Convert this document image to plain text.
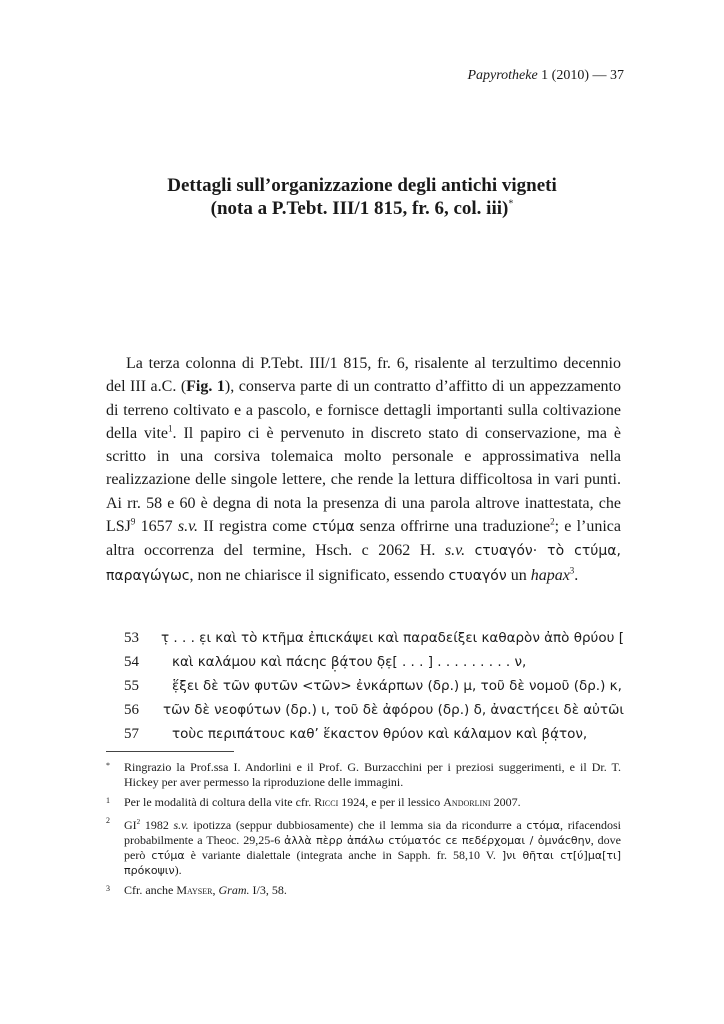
Papyrotheke 1 (2010) — 37
Dettagli sull’organizzazione degli antichi vigneti
(nota a P.Tebt. III/1 815, fr. 6, col. iii)*

La terza colonna di P.Tebt. III/1 815, fr. 6, risalente al terzultimo decennio del III a.C. (Fig. 1), conserva parte di un contratto d’affitto di un appezzamento di terreno coltivato e a pascolo, e fornisce dettagli importanti sulla coltivazione della vite$^1$. Il papiro ci è pervenuto in discreto stato di conservazione, ma è scritto in una corsiva tolemaica molto personale e approssimativa nella realizzazione delle singole lettere, che rende la lettura difficoltosa in vari punti. Ai rr. 58 e 60 è degna di nota la presenza di una parola altrove inattestata, che LSJ$^9$ 1657 s.v. II registra come ϲτύμα senza offrirne una traduzione$^2$; e l’unica altra occorrenza del termine, Hsch. c 2062 H. s.v. ϲτυαγόν· τὸ ϲτύμα, παραγώγωϲ, non ne chiarisce il significato, essendo ϲτυαγόν un hapax$^3$.

53	τ̣ . . . ε̣ι καὶ τὸ κτῆμα ἐπιϲκάψει καὶ παραδείξει καθαρὸν ἀπὸ θρύου [
54	καὶ καλάμου καὶ πάϲηϲ β̣ά̣του δ̣ε̣[ . . . ] . . . . . . . . . ν,
55	ἕ̣ξει δὲ τῶν φυτῶν <τῶν> ἐνκάρπων (δρ.) μ, τοῦ δὲ νομοῦ (δρ.) κ,
56	τῶν δὲ νεοφύτων (δρ.) ι, τοῦ δὲ ἀφόρου (δρ.) δ, ἀναϲτήϲει δὲ αὐτῶι
57	τοὺϲ περιπάτουϲ καθ’ ἕκαϲτον θρύον καὶ κάλαμον καὶ β̣ά̣τον,
*	Ringrazio la Prof.ssa I. Andorlini e il Prof. G. Burzacchini per i preziosi suggerimenti, e il Dr. T. Hickey per aver permesso la riproduzione delle immagini.
1	Per le modalità di coltura della vite cfr. Ricci 1924, e per il lessico Andorlini 2007.
2	$GI^2$ 1982 s.v. ipotizza (seppur dubbiosamente) che il lemma sia da ricondurre a ϲτόμα, rifacendosi probabilmente a Theoc. 29,25-6 ἀλλὰ πὲρρ ἀπάλω ϲτύματόϲ ϲε πεδέρχομαι / ὀμνάϲθην, dove però ϲτύμα è variante dialettale (integrata anche in Sapph. fr. 58,10 V. ]νι θῆται ϲτ[ύ]μα[τι] πρόκοψιν).
3	Cfr. anche Mayser, Gram. I/3, 58.
